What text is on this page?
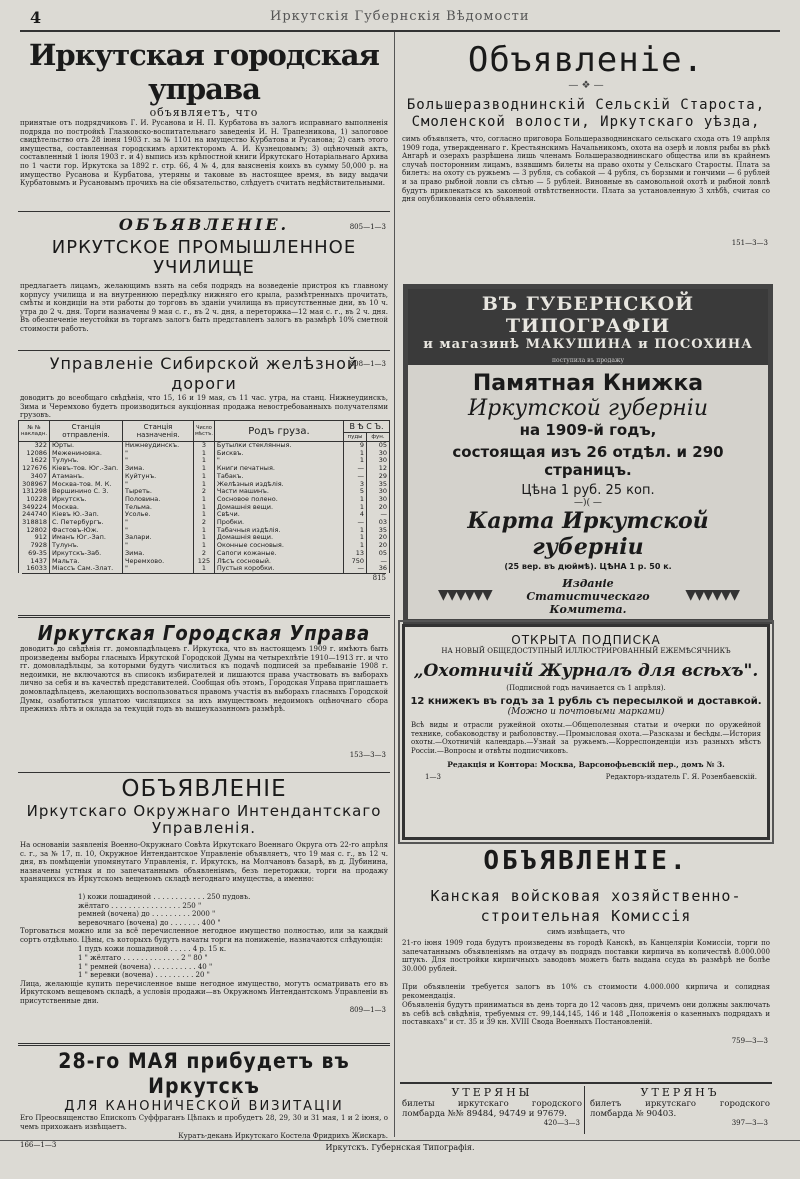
4	Иркутскія Губернскія Вѣдомости
Иркутская городская управа
объявляетъ, что
принятые отъ подрядчиковъ Г. И. Русанова и Н. П. Курбатова въ залогъ исправнаго выполненія подряда по постройкѣ Глазковско-воспитательнаго заведенія И. Н. Трапезникова, 1) залоговое свидѣтельство отъ 28 іюня 1903 г. за № 1101 на имущество Курбатова и Русанова; 2) санъ этого имущества, составленная городскимъ архитекторомъ А. И. Кузнецовымъ; 3) оцѣночный актъ, составленный 1 іюля 1903 г. и 4) выпись изъ крѣпостной книги Иркутскаго Нотаріальнаго Архива по 1 части гор. Иркутска за 1892 г. стр. 66, 4 № 4, для выясненія коихъ въ сумму 50,000 р. на имущество Русанова и Курбатова, утеряны и таковые въ настоящее время, въ виду выдачи Курбатовымъ и Русановымъ прочихъ на сіе обязательство, слѣдуетъ считать недѣйствительными.
805—1—3
ОБЪЯВЛЕНІЕ.
ИРКУТСКОЕ ПРОМЫШЛЕННОЕ УЧИЛИЩЕ
предлагаетъ лицамъ, желающимъ взять на себя подрядъ на возведеніе пристроя къ главному корпусу училища и на внутреннюю передѣлку нижняго его крыла, размѣтренныхъ прочитать, смѣты и кондиціи на эти работы до торговъ въ зданіи училища въ присутственные дни, въ 10 ч. утра до 2 ч. дня. Торги назначены 9 мая с. г., въ 2 ч. дня, а переторжка—12 мая с. г., въ 2 ч. дня. Въ обезпеченіе неустойки въ торгамъ залогъ быть представленъ залогъ въ размѣрѣ 10% сметной стоимости работъ.
808—1—3
Управленіе Сибирской желѣзной дороги
доводитъ до всеобщаго свѣдѣнія, что 15, 16 и 19 мая, съ 11 час. утра, на станц. Нижнеудинскъ, Зима и Черемхово будетъ производиться аукціонная продажа невостребованныхъ получателями грузовъ.
№ № накладн.	Станція отправленія.	Станція назначенія.	Число мѣстъ.	Родъ груза.	В Ѣ С Ъ.	
					пуды	фун.
322	Юрты.	Нижнеудинскъ.	3	Бутылки стеклянныя.	9	05
12086	Межениновка.	"	1	Бисквъ.	1	30
1622	Тулунъ.	"	1	"	1	30
127676	Кіевъ-тов. Юг.-Зап.	Зима.	1	Книги печатныя.	—	12
3407	Атаманъ.	Куйтунъ.	1	Табакъ.	—	29
308967	Москва-тов. М. К.	"	1	Желѣзныя издѣлія.	3	35
131298	Вершинино С. З.	Тыреть.	2	Части машинъ.	5	30
10228	Иркутскъ.	Половина.	1	Сосновое полено.	1	30
349224	Москва.	Тельма.	1	Домашнія вещи.	1	20
244740	Кіевъ Ю.-Зап.	Усолье.	1	Свѣчи.	4	—
318818	С. Петербургъ.	"	2	Пробки.	—	03
12802	Фастовъ-Юж.	"	1	Табачныя издѣлія.	1	35
912	Иманъ Юг.-Зап.	Залари.	1	Домашнія вещи.	1	20
7928	Тулунъ.	"	1	Оконные сосновыя.	1	20
69-35	Иркутскъ-Заб.	Зима.	2	Сапоги кожаные.	13	05
1437	Мальта.	Черемхово.	125	Лѣсъ сосновый.	750	—
16033	Міассъ Сам.-Злат.	"	1	Пустыя коробки.	—	36
815
Иркутская Городская Управа
доводитъ до свѣдѣнія гг. домовладѣльцевъ г. Иркутска, что въ настоящемъ 1909 г. имѣютъ быть произведены выборы гласныхъ Иркутской Городской Думы на четырехлѣтіе 1910—1913 гг. и что гг. домовладѣльцы, за которыми будутъ числиться къ подачѣ подписей за пребываніе 1908 г. недоимки, не включаются въ списокъ избирателей и лишаются права участвовать въ выборахъ лично за себя и въ качествѣ представителей. Сообщая объ этомъ, Городская Управа приглашаетъ домовладѣльцевъ, желающихъ воспользоваться правомъ участія въ выборахъ гласныхъ Городской Думы, озаботиться уплатою числящихся за ихъ имуществомъ недоимокъ оцѣночнаго сбора прежнихъ лѣтъ и оклада за текущій годъ въ вышеуказанномъ размѣрѣ.
153—3—3
ОБЪЯВЛЕНІЕ
Иркутскаго Окружнаго Интендантскаго Управленія.
На основаніи заявленія Военно-Окружнаго Совѣта Иркутскаго Военнаго Округа отъ 22-го апрѣля с. г., за № 17, п. 10, Окружное Интендантское Управленіе объявляетъ, что 19 мая с. г., въ 12 ч. дня, въ помѣщеніи упомянутаго Управленія, г. Иркутскъ, на Молчановъ базарѣ, въ д. Дубинина, назначены устныя и по запечатаннымъ объявленіямъ, безъ переторжки, торги на продажу хранящихся въ Иркутскомъ вещевомъ складѣ негоднаго имущества, а именно:
1) кожи лошадиной . . . . . . . . . . . . 250 пудовъ.
жёлтаго . . . . . . . . . . . . . . . . 250 "
ремней (вочена) до . . . . . . . . . 2000 "
веревочнаго (вочена) до . . . . . . . 400 "
Торговаться можно или за всё перечисленное негодное имущество полностью, или за каждый сортъ отдѣльно. Цѣны, съ которыхъ будутъ начаты торги на пониженіе, назначаются слѣдующія:
1 пудъ кожи лошадиной . . . . . 4 р. 15 к.
1 " жёлтаго . . . . . . . . . . . . . 2 " 80 "
1 " ремней (вочена) . . . . . . . . . . 40 "
1 " веревки (вочена) . . . . . . . . . 20 "
Лица, желающіе купить перечисленное выше негодное имущество, могутъ осматривать его въ Иркутскомъ вещевомъ складѣ, а условія продажи—въ Окружномъ Интендантскомъ Управленіи въ присутственные дни.
809—1—3
28-го МАЯ прибудетъ въ Иркутскъ
ДЛЯ КАНОНИЧЕСКОЙ ВИЗИТАЦІИ
Его Преосвященство Епископъ Суффраганъ Цѣпакъ и пробудетъ 28, 29, 30 и 31 мая, 1 и 2 іюня, о чемъ прихожанъ извѣщаетъ.
Куратъ-декань Иркутскаго Костела Фридрихъ Жискаръ.
166—1—3
Объявленіе.
— ❖ —
Большеразводнинскій Сельскій Староста, Смоленской волости, Иркутскаго уѣзда,
симъ объявляетъ, что, согласно приговора Большеразводнинскаго сельскаго схода отъ 19 апрѣля 1909 года, утвержденнаго г. Крестьянскимъ Начальникомъ, охота на озерѣ и ловля рыбы въ рѣкѣ Ангарѣ и озерахъ разрѣшена лишь членамъ Большеразводнинскаго общества или въ крайнемъ случаѣ посторонним лицамъ, взявшимъ билеты на право охоты у Сельскаго Старосты. Плата за билетъ: на охоту съ ружьемъ — 3 рубля, съ собакой — 4 рубля, съ борзыми и гончими — 6 рублей и за право рыбной ловли съ сѣтью — 5 рублей. Виновные въ самовольной охотѣ и рыбной ловлѣ будутъ привлекаться къ законной отвѣтственности. Плата за установленную 3 хлѣбѣ, считая со дня опубликованія сего объявленія.
151—3—3
ВЪ ГУБЕРНСКОЙ ТИПОГРАФІИ
и магазинѣ МАКУШИНА и ПОСОХИНА
поступила въ продажу
Памятная Книжка
Иркутской губерніи
на 1909-й годъ,
состоящая изъ 26 отдѣл. и 290 страницъ.
Цѣна 1 руб. 25 коп.
—)( —
Карта Иркутской губерніи
(25 вер. въ дюймѣ). ЦѢНА 1 р. 50 к.
▼▼▼▼▼▼	▼▼▼▼▼▼
Изданіе
Статистическаго
Комитета.
ОТКРЫТА ПОДПИСКА
НА НОВЫЙ ОБЩЕДОСТУПНЫЙ ИЛЛЮСТРИРОВАННЫЙ ЕЖЕМѢСЯЧНИКЪ
„Охотничій Журналъ для всѣхъ".
(Подписной годъ начинается съ 1 апрѣля).
12 книжекъ въ годъ за 1 рубль съ пересылкой и доставкой.
(Можно и почтовыми марками)
Всѣ виды и отрасли ружейной охоты.—Общеполезныя статьи и очерки по оружейной технике, собаководству и рыболовству.—Промысловая охота.—Разсказы и бесѣды.—История охоты.—Охотничій календарь.—Узнай за ружьемъ.—Корреспонденціи изъ разныхъ мѣстъ Россіи.—Вопросы и отвѣты подписчиковъ.
Редакція и Контора: Москва, Варсонофьевскій пер., домъ № 3.
1—3	Редакторъ-издатель Г. Я. Розенбаевскій.
ОБЪЯВЛЕНІЕ.
Канская войсковая хозяйственно-строительная Комиссія
симъ извѣщаетъ, что
21-го іюня 1909 года будутъ произведены въ городѣ Канскѣ, въ Канцеляріи Комиссіи, торги по запечатаннымъ объявленіямъ на отдачу въ подрядъ поставки кирпича въ количествѣ 8.000.000 штукъ. Для постройки кирпичныхъ заводовъ можетъ быть выдана ссуда въ размѣрѣ не болѣе 30.000 рублей.
При объявленіи требуется залогъ въ 10% съ стоимости 4.000.000 кирпича и солидная рекомендація.
Объявленія будутъ приниматься въ день торга до 12 часовъ дня, причемъ они должны заключать въ себѣ всѣ свѣдѣнія, требуемыя ст. 99,144,145, 146 и 148 „Положенія о казенныхъ подрядахъ и поставкахъ" и ст. 35 и 39 кн. XVIII Свода Военныхъ Постановленій.
759—3—3
УТЕРЯНЫ
билеты иркутскаго городского ломбарда №№ 89484, 94749 и 97679.
420—3—3
УТЕРЯНЪ
билетъ иркутскаго городского ломбарда № 90403.
397—3—3
Иркутскъ. Губернская Типографія.
